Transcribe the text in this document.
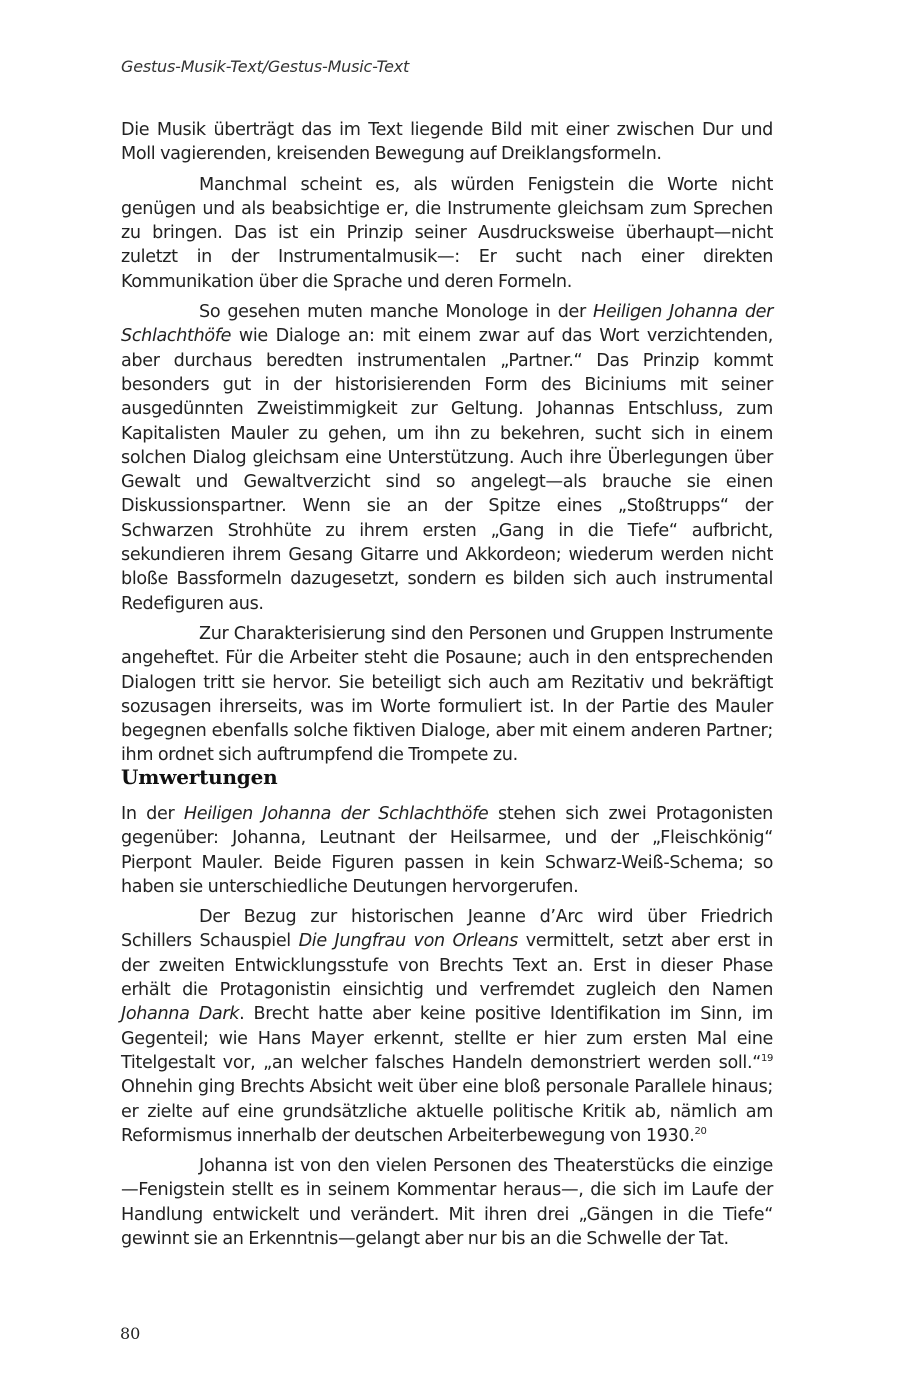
Gestus-Musik-Text/Gestus-Music-Text

Die Musik überträgt das im Text liegende Bild mit einer zwischen Dur und Moll vagierenden, kreisenden Bewegung auf Dreiklangsformeln.

Manchmal scheint es, als würden Fenigstein die Worte nicht genügen und als beabsichtige er, die Instrumente gleichsam zum Sprechen zu bringen. Das ist ein Prinzip seiner Ausdrucksweise überhaupt—nicht zuletzt in der Instrumentalmusik—: Er sucht nach einer direkten Kommunikation über die Sprache und deren Formeln.

So gesehen muten manche Monologe in der Heiligen Johanna der Schlachthöfe wie Dialoge an: mit einem zwar auf das Wort verzichtenden, aber durchaus beredten instrumentalen „Partner.“ Das Prinzip kommt besonders gut in der historisierenden Form des Biciniums mit seiner ausgedünnten Zweistimmigkeit zur Geltung. Johannas Entschluss, zum Kapitalisten Mauler zu gehen, um ihn zu bekehren, sucht sich in einem solchen Dialog gleichsam eine Unterstützung. Auch ihre Überlegungen über Gewalt und Gewaltverzicht sind so angelegt—als brauche sie einen Diskussionspartner. Wenn sie an der Spitze eines „Stoßtrupps“ der Schwarzen Strohhüte zu ihrem ersten „Gang in die Tiefe“ aufbricht, sekundieren ihrem Gesang Gitarre und Akkordeon; wiederum werden nicht bloße Bassformeln dazugesetzt, sondern es bilden sich auch instrumental Redefiguren aus.

Zur Charakterisierung sind den Personen und Gruppen Instrumente angeheftet. Für die Arbeiter steht die Posaune; auch in den entsprechenden Dialogen tritt sie hervor. Sie beteiligt sich auch am Rezitativ und bekräftigt sozusagen ihrerseits, was im Worte formuliert ist. In der Partie des Mauler begegnen ebenfalls solche fiktiven Dialoge, aber mit einem anderen Partner; ihm ordnet sich auftrumpfend die Trompete zu.

Umwertungen

In der Heiligen Johanna der Schlachthöfe stehen sich zwei Protagonisten gegenüber: Johanna, Leutnant der Heilsarmee, und der „Fleischkönig“ Pierpont Mauler. Beide Figuren passen in kein Schwarz-Weiß-Schema; so haben sie unterschiedliche Deutungen hervorgerufen.

Der Bezug zur historischen Jeanne d’Arc wird über Friedrich Schillers Schauspiel Die Jungfrau von Orleans vermittelt, setzt aber erst in der zweiten Entwicklungsstufe von Brechts Text an. Erst in dieser Phase erhält die Protagonistin einsichtig und verfremdet zugleich den Namen Johanna Dark. Brecht hatte aber keine positive Identifikation im Sinn, im Gegenteil; wie Hans Mayer erkennt, stellte er hier zum ersten Mal eine Titelgestalt vor, „an welcher falsches Handeln demonstriert werden soll.“$^{19}$ Ohnehin ging Brechts Absicht weit über eine bloß personale Parallele hinaus; er zielte auf eine grundsätzliche aktuelle politische Kritik ab, nämlich am Reformismus innerhalb der deutschen Arbeiterbewegung von 1930.20

Johanna ist von den vielen Personen des Theaterstücks die einzige—Fenigstein stellt es in seinem Kommentar heraus—, die sich im Laufe der Handlung entwickelt und verändert. Mit ihren drei „Gängen in die Tiefe“ gewinnt sie an Erkenntnis—gelangt aber nur bis an die Schwelle der Tat.

80
